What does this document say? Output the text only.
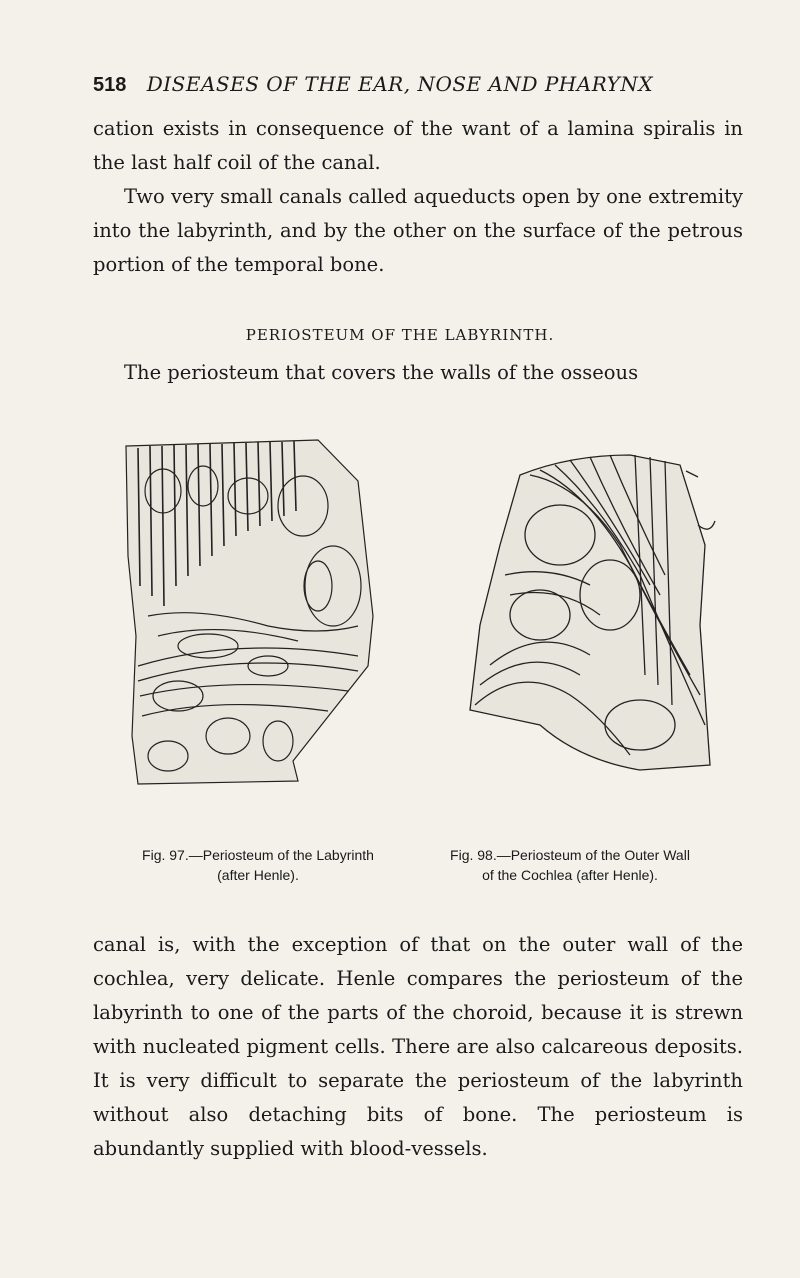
518 DISEASES OF THE EAR, NOSE AND PHARYNX

cation exists in consequence of the want of a lamina spiralis in the last half coil of the canal.

Two very small canals called aqueducts open by one extremity into the labyrinth, and by the other on the surface of the petrous portion of the temporal bone.

PERIOSTEUM OF THE LABYRINTH.

The periosteum that covers the walls of the osseous

Fig. 97.—Periosteum of the Labyrinth
(after Henle).
Fig. 98.—Periosteum of the Outer Wall
of the Cochlea (after Henle).

canal is, with the exception of that on the outer wall of the cochlea, very delicate. Henle compares the periosteum of the labyrinth to one of the parts of the choroid, because it is strewn with nucleated pigment cells. There are also calcareous deposits. It is very difficult to separate the periosteum of the labyrinth without also detaching bits of bone. The periosteum is abundantly supplied with blood-vessels.
